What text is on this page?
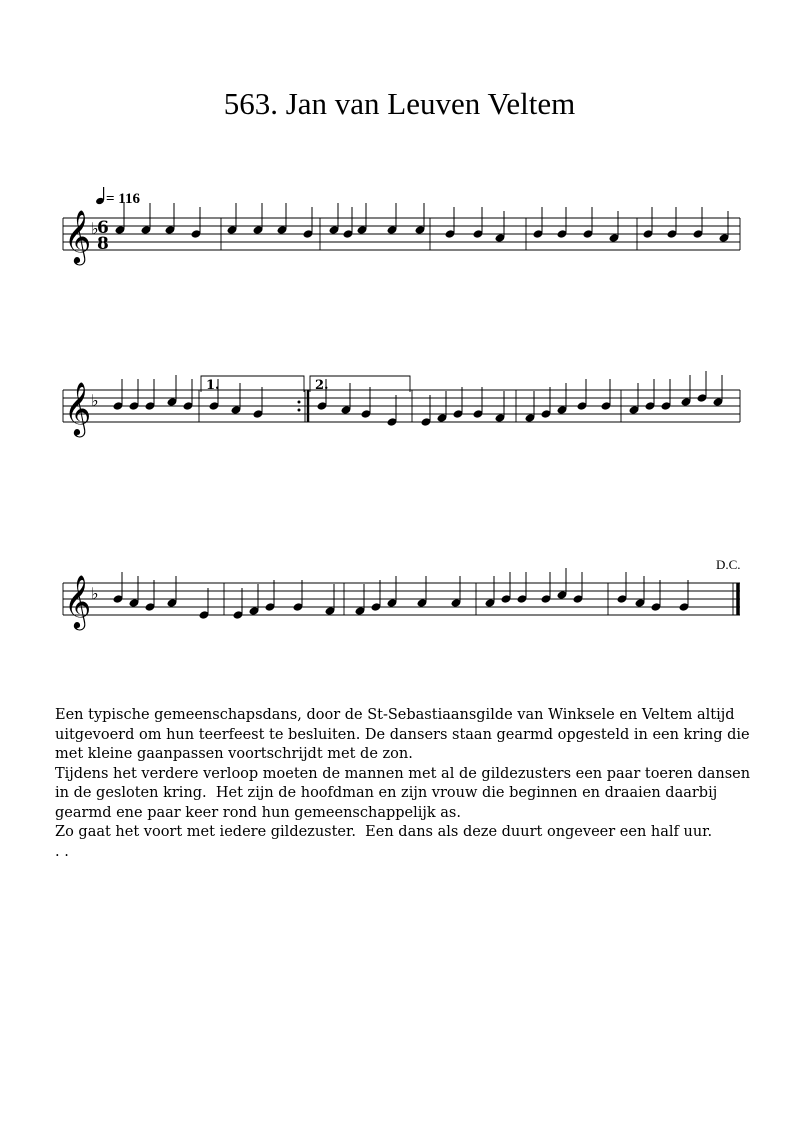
563. Jan van Leuven Veltem
= 116
𝄞 ♭
6
8
𝄞 ♭
1.	2.
𝄞 ♭
D.C.

Een typische gemeenschapsdans, door de St-Sebastiaansgilde van Winksele en Veltem altijd

uitgevoerd om hun teerfeest te besluiten. De dansers staan gearmd opgesteld in een kring die

met kleine gaanpassen voortschrijdt met de zon.

Tijdens het verdere verloop moeten de mannen met al de gildezusters een paar toeren dansen

in de gesloten kring.  Het zijn de hoofdman en zijn vrouw die beginnen en draaien daarbij

gearmd ene paar keer rond hun gemeenschappelijk as.

Zo gaat het voort met iedere gildezuster.  Een dans als deze duurt ongeveer een half uur.

. .
